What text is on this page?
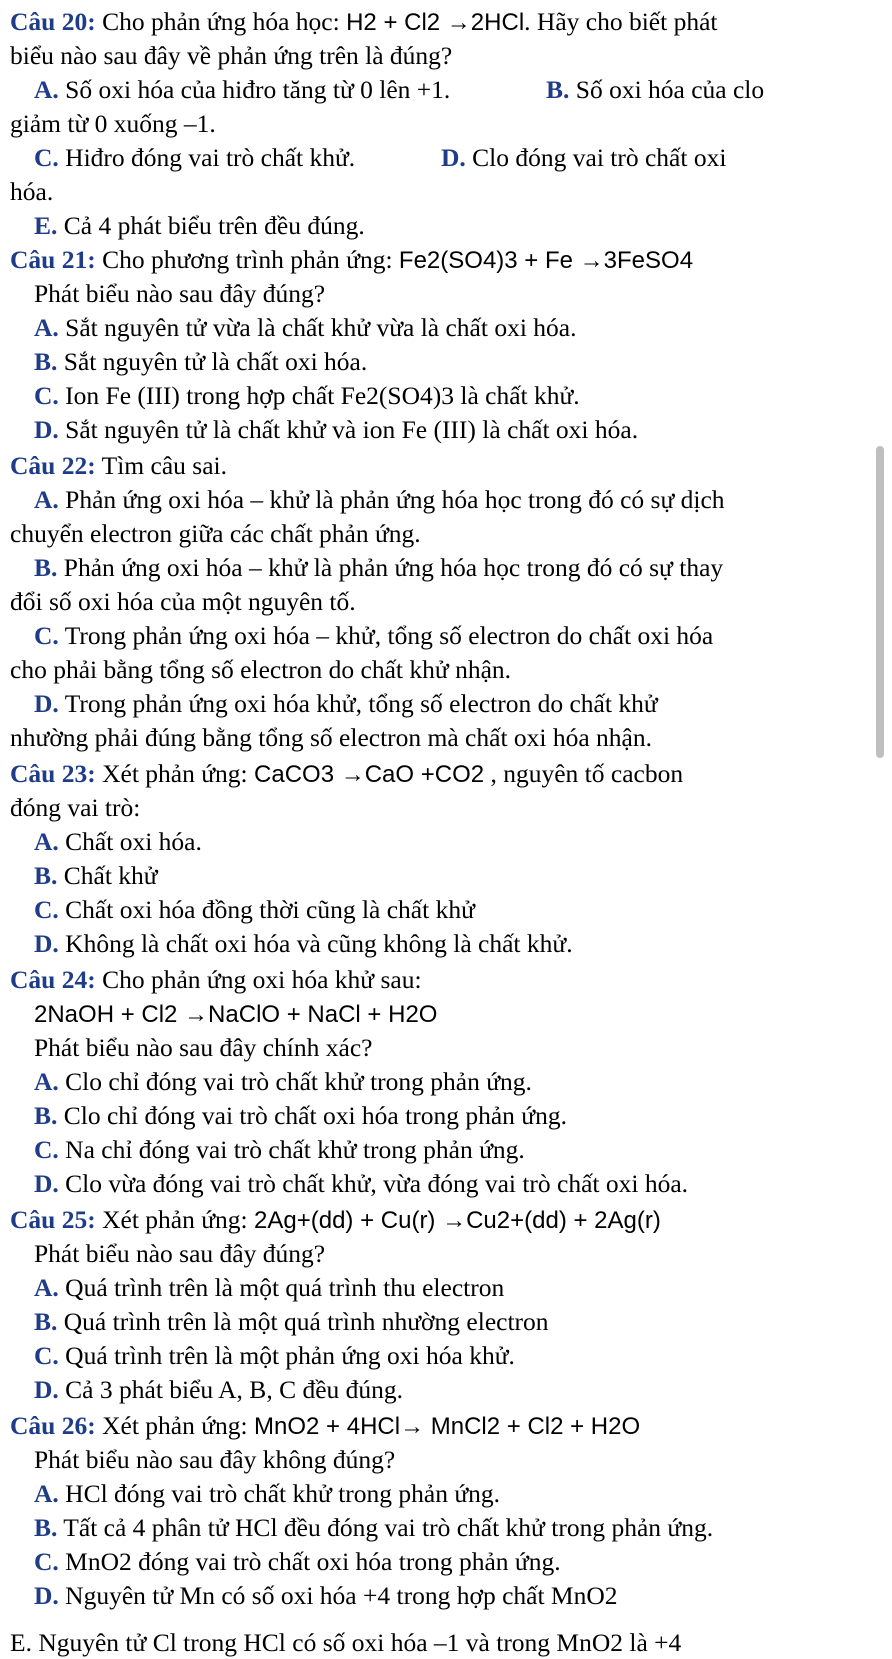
Câu 20: Cho phản ứng hóa học: H2 + Cl2 →2HCl. Hãy cho biết phát
biểu nào sau đây về phản ứng trên là đúng?
A. Số oxi hóa của hiđro tăng từ 0 lên +1.	B. Số oxi hóa của clo
giảm từ 0 xuống –1.
C. Hiđro đóng vai trò chất khử.	D. Clo đóng vai trò chất oxi
hóa.
E. Cả 4 phát biểu trên đều đúng.
Câu 21: Cho phương trình phản ứng: Fe2(SO4)3 + Fe →3FeSO4
Phát biểu nào sau đây đúng?
A. Sắt nguyên tử vừa là chất khử vừa là chất oxi hóa.
B. Sắt nguyên tử là chất oxi hóa.
C. Ion Fe (III) trong hợp chất Fe2(SO4)3 là chất khử.
D. Sắt nguyên tử là chất khử và ion Fe (III) là chất oxi hóa.
Câu 22: Tìm câu sai.
A. Phản ứng oxi hóa – khử là phản ứng hóa học trong đó có sự dịch
chuyển electron giữa các chất phản ứng.
B. Phản ứng oxi hóa – khử là phản ứng hóa học trong đó có sự thay
đổi số oxi hóa của một nguyên tố.
C. Trong phản ứng oxi hóa – khử, tổng số electron do chất oxi hóa
cho phải bằng tổng số electron do chất khử nhận.
D. Trong phản ứng oxi hóa khử, tổng số electron do chất khử
nhường phải đúng bằng tổng số electron mà chất oxi hóa nhận.
Câu 23: Xét phản ứng: CaCO3 →CaO +CO2 , nguyên tố cacbon
đóng vai trò:
A. Chất oxi hóa.
B. Chất khử
C. Chất oxi hóa đồng thời cũng là chất khử
D. Không là chất oxi hóa và cũng không là chất khử.
Câu 24: Cho phản ứng oxi hóa khử sau:
2NaOH + Cl2 →NaClO + NaCl + H2O
Phát biểu nào sau đây chính xác?
A. Clo chỉ đóng vai trò chất khử trong phản ứng.
B. Clo chỉ đóng vai trò chất oxi hóa trong phản ứng.
C. Na chỉ đóng vai trò chất khử trong phản ứng.
D. Clo vừa đóng vai trò chất khử, vừa đóng vai trò chất oxi hóa.
Câu 25: Xét phản ứng: 2Ag+(dd) + Cu(r) →Cu2+(dd) + 2Ag(r)
Phát biểu nào sau đây đúng?
A. Quá trình trên là một quá trình thu electron
B. Quá trình trên là một quá trình nhường electron
C. Quá trình trên là một phản ứng oxi hóa khử.
D. Cả 3 phát biểu A, B, C đều đúng.
Câu 26: Xét phản ứng: MnO2 + 4HCl→ MnCl2 + Cl2 + H2O
Phát biểu nào sau đây không đúng?
A. HCl đóng vai trò chất khử trong phản ứng.
B. Tất cả 4 phân tử HCl đều đóng vai trò chất khử trong phản ứng.
C. MnO2 đóng vai trò chất oxi hóa trong phản ứng.
D. Nguyên tử Mn có số oxi hóa +4 trong hợp chất MnO2
E. Nguyên tử Cl trong HCl có số oxi hóa –1 và trong MnO2 là +4
